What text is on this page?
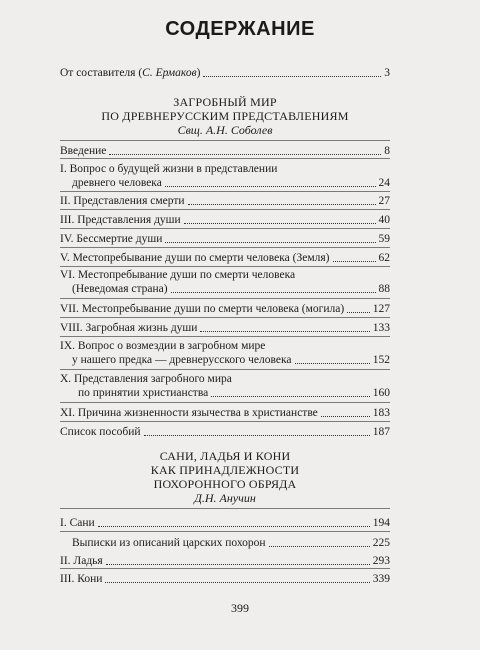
СОДЕРЖАНИЕ
От составителя (С. Ермаков)	3
ЗАГРОБНЫЙ МИР
ПО ДРЕВНЕРУССКИМ ПРЕДСТАВЛЕНИЯМ
Свщ. А.Н. Соболев
Введение	8
I. Вопрос о будущей жизни в представлении
древнего человека	24
II. Представления смерти	27
III. Представления души	40
IV. Бессмертие души	59
V. Местопребывание души по смерти человека (Земля)	62
VI. Местопребывание души по смерти человека
(Неведомая страна)	88
VII. Местопребывание души по смерти человека (могила) 127
VIII. Загробная жизнь души	133
IX. Вопрос о возмездии в загробном мире
у нашего предка — древнерусского человека	152
X. Представления загробного мира
по принятии христианства	160
XI. Причина жизненности язычества в христианстве	183
Список пособий	187
САНИ, ЛАДЬЯ И КОНИ
КАК ПРИНАДЛЕЖНОСТИ
ПОХОРОННОГО ОБРЯДА
Д.Н. Анучин
I. Сани	194
Выписки из описаний царских похорон	225
II. Ладья	293
III. Кони	339
399
